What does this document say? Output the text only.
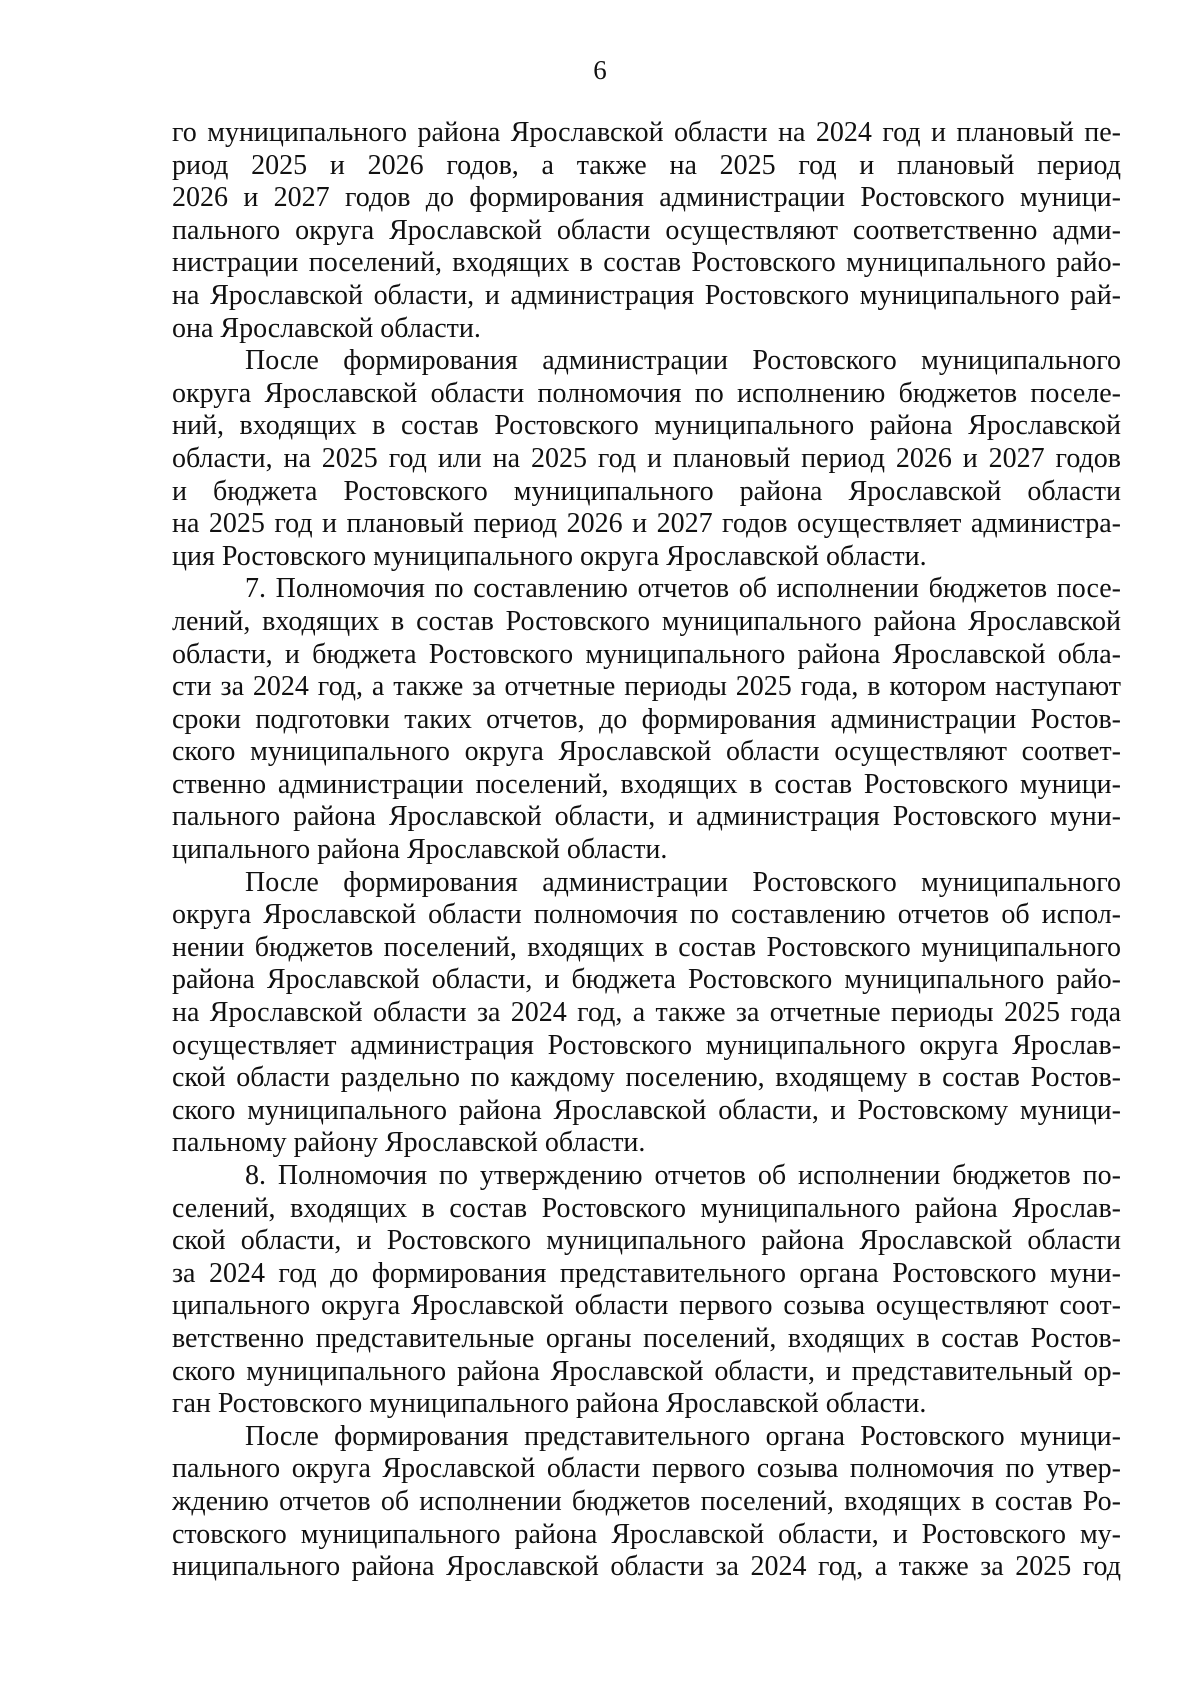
6
го муниципального района Ярославской области на 2024 год и плановый пе-
риод 2025 и 2026 годов, а также на 2025 год и плановый период
2026 и 2027 годов до формирования администрации Ростовского муници-
пального округа Ярославской области осуществляют соответственно адми-
нистрации поселений, входящих в состав Ростовского муниципального райо-
на Ярославской области, и администрация Ростовского муниципального рай-
она Ярославской области.
После формирования администрации Ростовского муниципального
округа Ярославской области полномочия по исполнению бюджетов поселе-
ний, входящих в состав Ростовского муниципального района Ярославской
области, на 2025 год или на 2025 год и плановый период 2026 и 2027 годов
и бюджета Ростовского муниципального района Ярославской области
на 2025 год и плановый период 2026 и 2027 годов осуществляет администра-
ция Ростовского муниципального округа Ярославской области.
7. Полномочия по составлению отчетов об исполнении бюджетов посе-
лений, входящих в состав Ростовского муниципального района Ярославской
области, и бюджета Ростовского муниципального района Ярославской обла-
сти за 2024 год, а также за отчетные периоды 2025 года, в котором наступают
сроки подготовки таких отчетов, до формирования администрации Ростов-
ского муниципального округа Ярославской области осуществляют соответ-
ственно администрации поселений, входящих в состав Ростовского муници-
пального района Ярославской области, и администрация Ростовского муни-
ципального района Ярославской области.
После формирования администрации Ростовского муниципального
округа Ярославской области полномочия по составлению отчетов об испол-
нении бюджетов поселений, входящих в состав Ростовского муниципального
района Ярославской области, и бюджета Ростовского муниципального райо-
на Ярославской области за 2024 год, а также за отчетные периоды 2025 года
осуществляет администрация Ростовского муниципального округа Ярослав-
ской области раздельно по каждому поселению, входящему в состав Ростов-
ского муниципального района Ярославской области, и Ростовскому муници-
пальному району Ярославской области.
8. Полномочия по утверждению отчетов об исполнении бюджетов по-
селений, входящих в состав Ростовского муниципального района Ярослав-
ской области, и Ростовского муниципального района Ярославской области
за 2024 год до формирования представительного органа Ростовского муни-
ципального округа Ярославской области первого созыва осуществляют соот-
ветственно представительные органы поселений, входящих в состав Ростов-
ского муниципального района Ярославской области, и представительный ор-
ган Ростовского муниципального района Ярославской области.
После формирования представительного органа Ростовского муници-
пального округа Ярославской области первого созыва полномочия по утвер-
ждению отчетов об исполнении бюджетов поселений, входящих в состав Ро-
стовского муниципального района Ярославской области, и Ростовского му-
ниципального района Ярославской области за 2024 год, а также за 2025 год
